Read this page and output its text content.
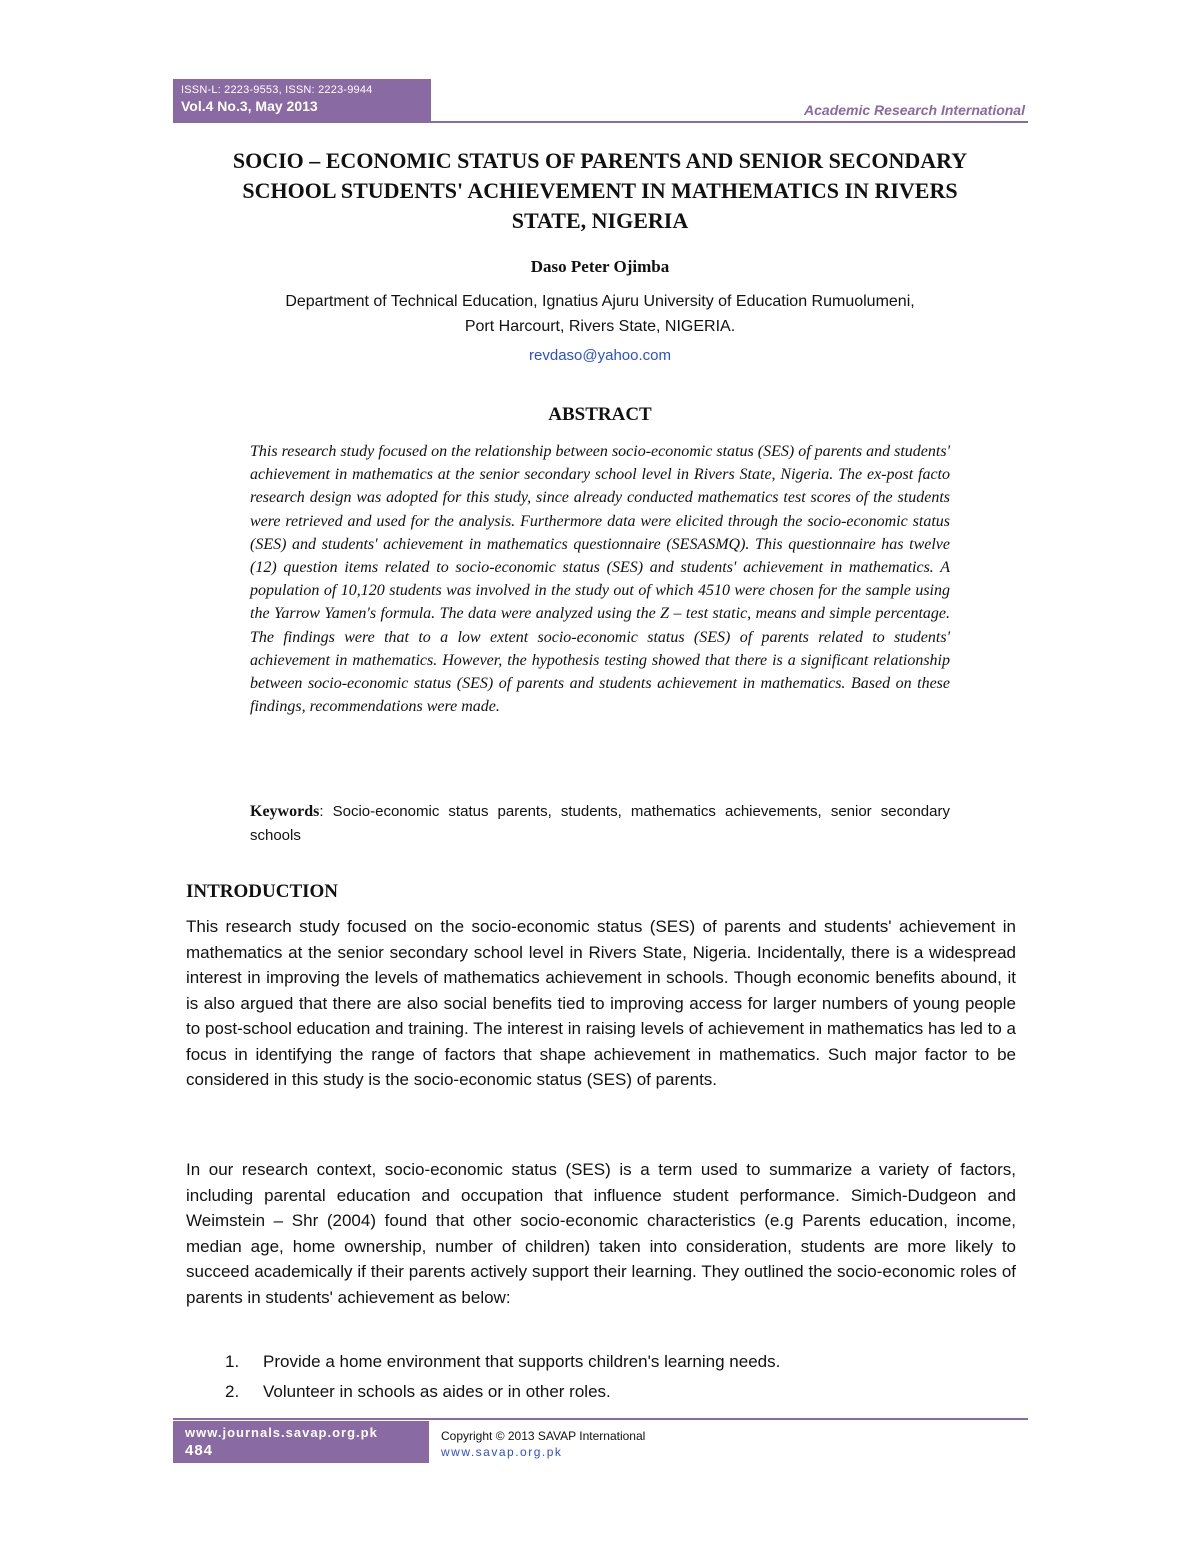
ISSN-L: 2223-9553, ISSN: 2223-9944
Vol.4 No.3, May 2013	Academic Research International
SOCIO – ECONOMIC STATUS OF PARENTS AND SENIOR SECONDARY SCHOOL STUDENTS' ACHIEVEMENT IN MATHEMATICS IN RIVERS STATE, NIGERIA
Daso Peter Ojimba
Department of Technical Education, Ignatius Ajuru University of Education Rumuolumeni,
Port Harcourt, Rivers State, NIGERIA.
revdaso@yahoo.com
ABSTRACT

This research study focused on the relationship between socio-economic status (SES) of parents and students' achievement in mathematics at the senior secondary school level in Rivers State, Nigeria. The ex-post facto research design was adopted for this study, since already conducted mathematics test scores of the students were retrieved and used for the analysis. Furthermore data were elicited through the socio-economic status (SES) and students' achievement in mathematics questionnaire (SESASMQ). This questionnaire has twelve (12) question items related to socio-economic status (SES) and students' achievement in mathematics. A population of 10,120 students was involved in the study out of which 4510 were chosen for the sample using the Yarrow Yamen's formula. The data were analyzed using the Z – test static, means and simple percentage. The findings were that to a low extent socio-economic status (SES) of parents related to students' achievement in mathematics. However, the hypothesis testing showed that there is a significant relationship between socio-economic status (SES) of parents and students achievement in mathematics. Based on these findings, recommendations were made.

Keywords: Socio-economic status parents, students, mathematics achievements, senior secondary schools

INTRODUCTION

This research study focused on the socio-economic status (SES) of parents and students' achievement in mathematics at the senior secondary school level in Rivers State, Nigeria. Incidentally, there is a widespread interest in improving the levels of mathematics achievement in schools. Though economic benefits abound, it is also argued that there are also social benefits tied to improving access for larger numbers of young people to post-school education and training. The interest in raising levels of achievement in mathematics has led to a focus in identifying the range of factors that shape achievement in mathematics. Such major factor to be considered in this study is the socio-economic status (SES) of parents.

In our research context, socio-economic status (SES) is a term used to summarize a variety of factors, including parental education and occupation that influence student performance. Simich-Dudgeon and Weimstein – Shr (2004) found that other socio-economic characteristics (e.g Parents education, income, median age, home ownership, number of children) taken into consideration, students are more likely to succeed academically if their parents actively support their learning. They outlined the socio-economic roles of parents in students' achievement as below:

1.	Provide a home environment that supports children's learning needs.
2.	Volunteer in schools as aides or in other roles.
www.journals.savap.org.pk
484
Copyright © 2013 SAVAP International
www.savap.org.pk
